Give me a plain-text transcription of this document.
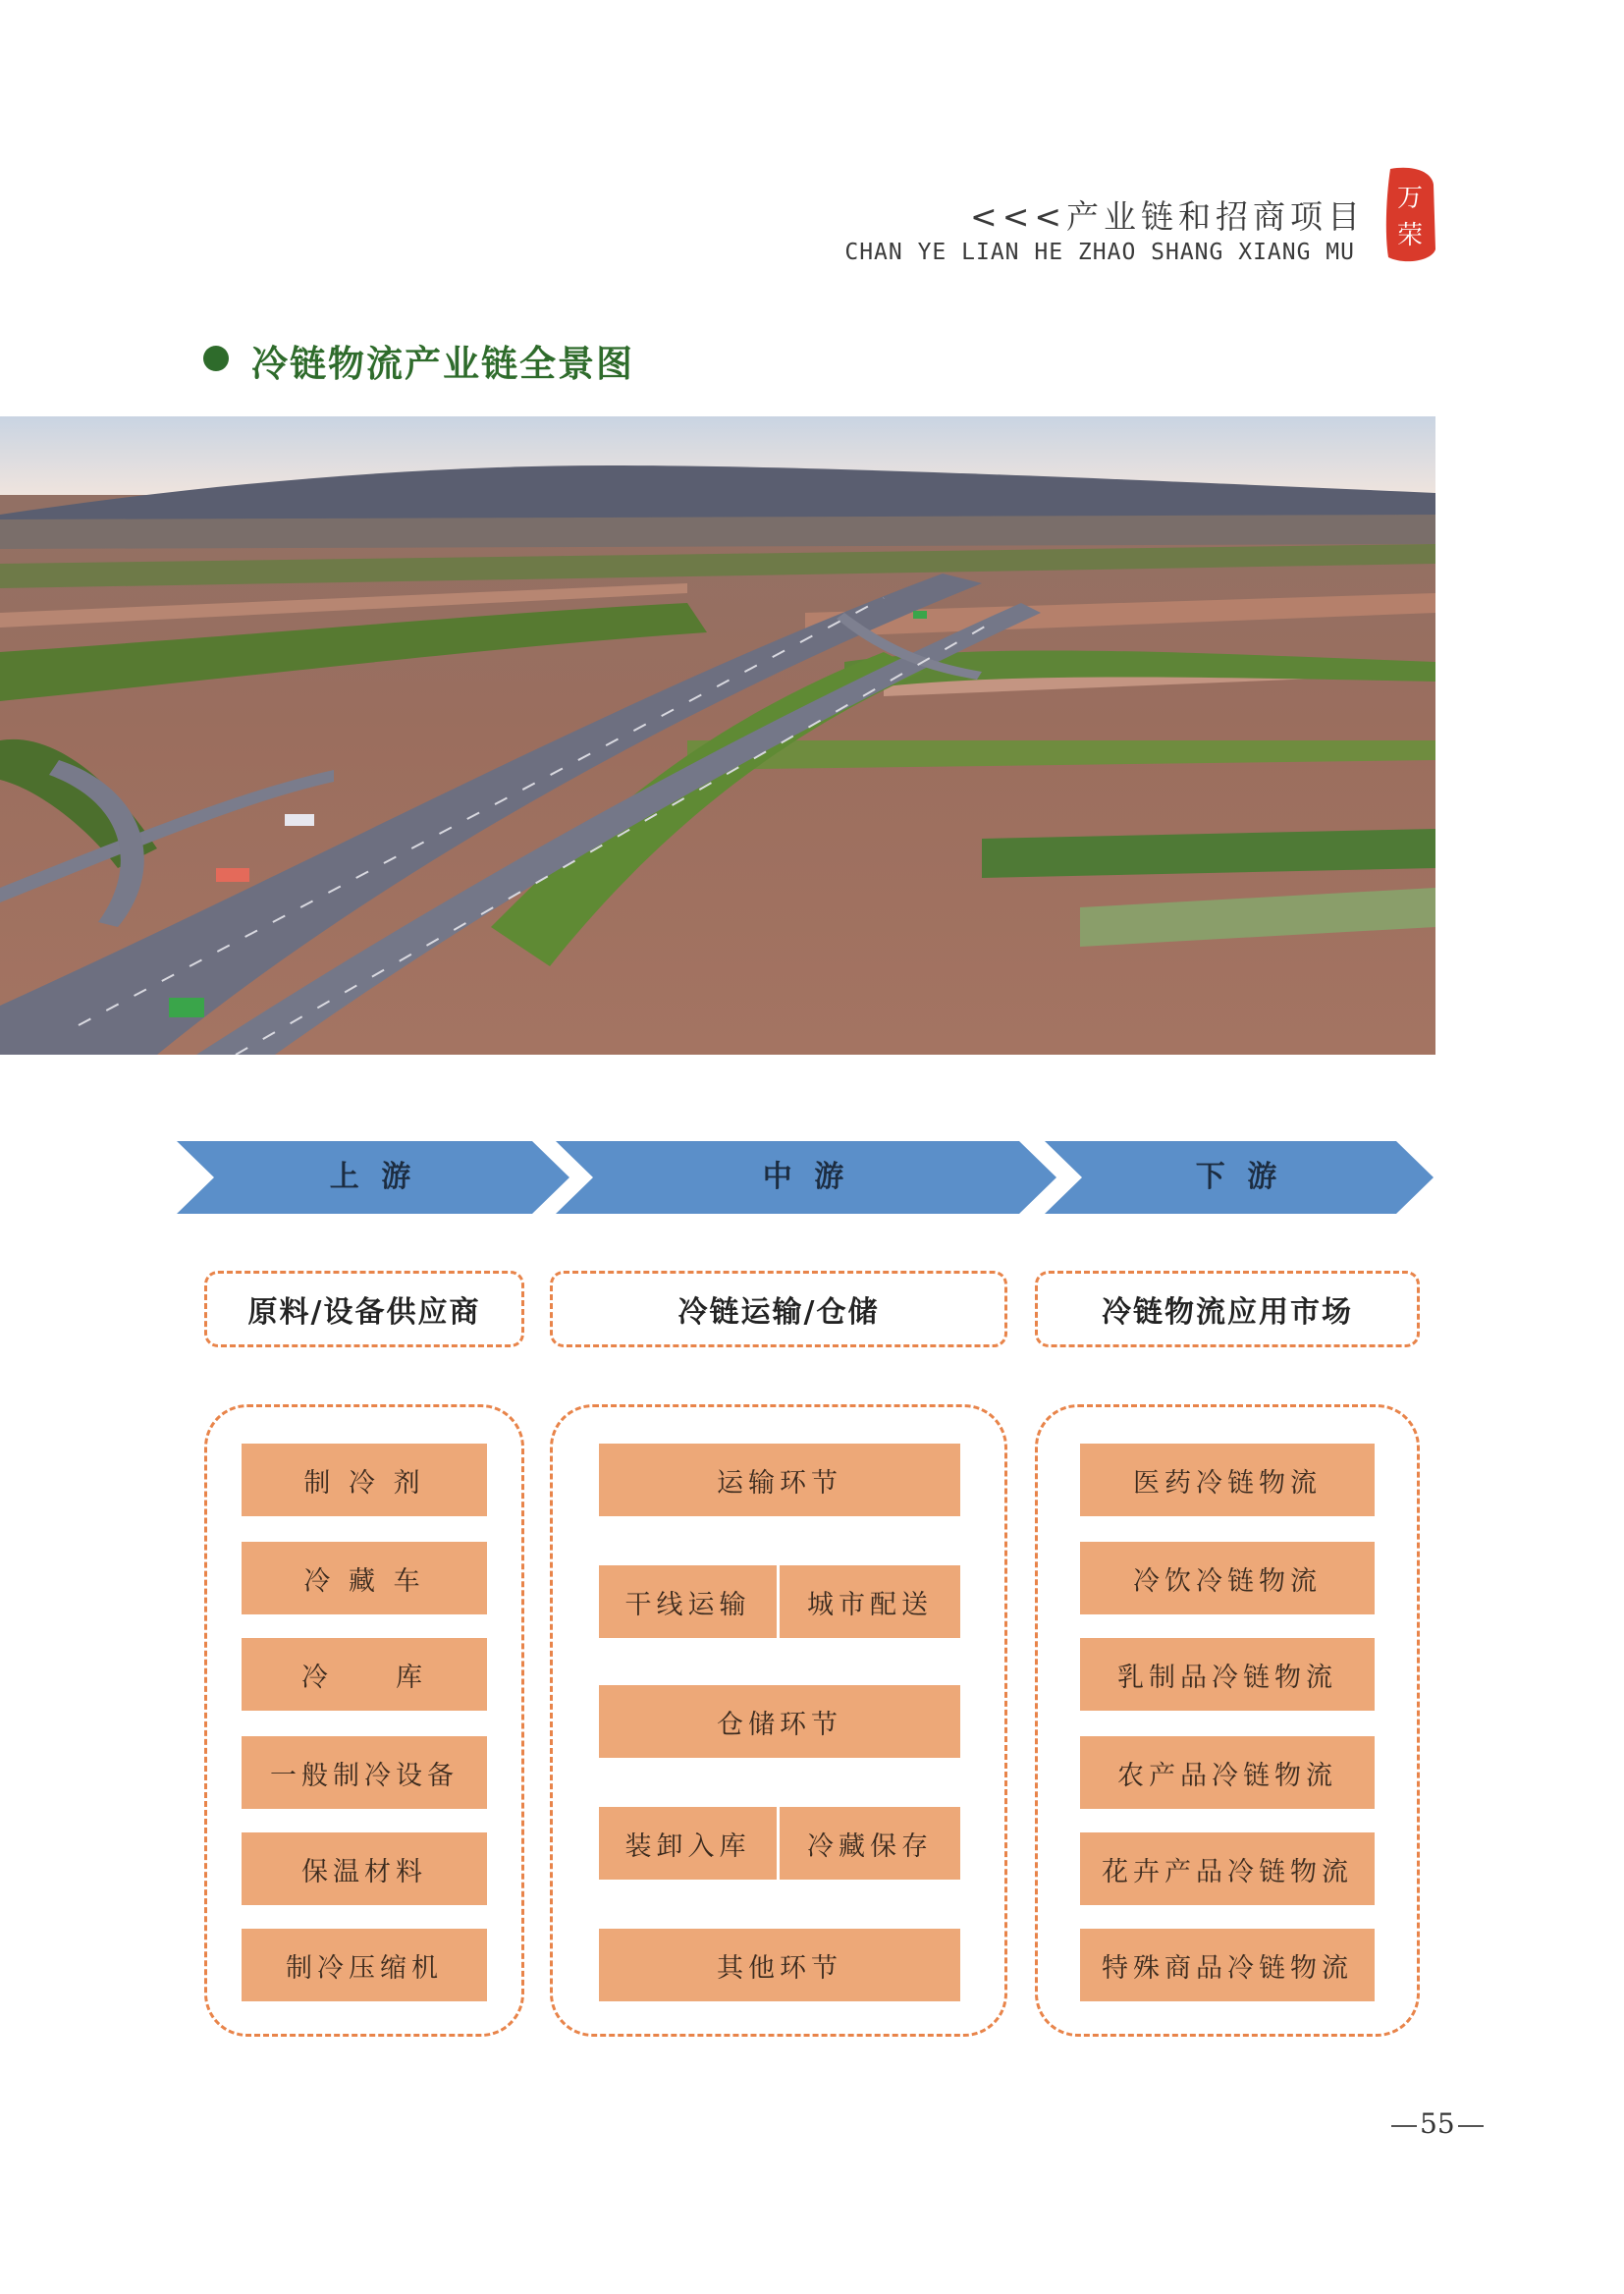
<<<产业链和招商项目
CHAN YE LIAN HE ZHAO SHANG XIANG MU
万
荣
冷链物流产业链全景图
上 游	中 游	下 游
原料/设备供应商	冷链运输/仓储	冷链物流应用市场
制 冷 剂
冷 藏 车
冷　　库
一般制冷设备
保温材料
制冷压缩机
运输环节
干线运输	城市配送
仓储环节
装卸入库	冷藏保存
其他环节
医药冷链物流
冷饮冷链物流
乳制品冷链物流
农产品冷链物流
花卉产品冷链物流
特殊商品冷链物流
55
